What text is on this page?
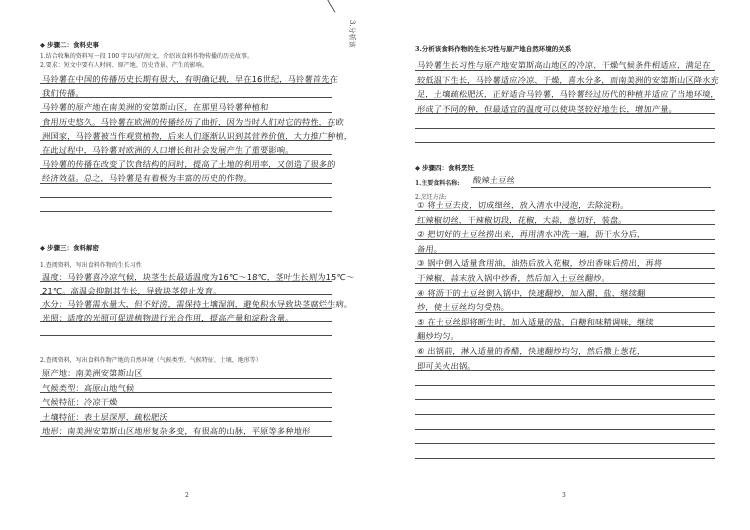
◆ 步骤二：食料史事
1.结合收集的资料写一段 100 字以内的短文，介绍该食料作物传播的历史故事。
2.要求：短文中要有人时间、原产地、历史背景、产生的影响。
马铃薯在中国的传播历史长期有很大，有明确记载，早在16世纪，马铃薯首先在
我们传播。
马铃薯的原产地在南美洲的安第斯山区，在那里马铃薯种植和
食用历史悠久。马铃薯在欧洲的传播经历了曲折，因为当时人们对它的特性，在欧
洲国家，马铃薯被当作观赏植物，后来人们逐渐认识到其营养价值，大力推广种植，
在此过程中，马铃薯对欧洲的人口增长和社会发展产生了重要影响。
马铃薯的传播在改变了饮食结构的同时，提高了土地的利用率，又创造了很多的
经济效益。总之，马铃薯是有着极为丰富的历史的作物。
◆ 步骤三：食料解密
1.查阅资料，写出食料作物的生长习性
温度：马铃薯喜冷凉气候，块茎生长最适温度为16℃～18℃，茎叶生长则为15℃～
21℃。高温会抑制其生长，导致块茎停止发育。
水分：马铃薯需水量大，但不好涝，需保持土壤湿润，避免积水导致块茎腐烂生病。
光照：适度的光照可促进植物进行光合作用，提高产量和淀粉含量。
2.查阅资料，写出食料作物产地的自然环境（气候类型、气候特征、土壤、地形等）
原产地：南美洲安第斯山区
气候类型：高原山地气候
气候特征：冷凉干燥
土壤特征：表土层深厚，疏松肥沃
地形：南美洲安第斯山区地形复杂多变，有很高的山脉，平原等多种地形
2
3.分析该
3.分析该食料作物的生长习性与原产地自然环境的关系
马铃薯生长习性与原产地安第斯高山地区的冷凉、干燥气候条件相适应，满足在
较低温下生长，马铃薯适应冷凉、干燥，喜水分多，而南美洲的安第斯山区降水充
足，土壤疏松肥沃，正好适合马铃薯，马铃薯经过历代的种植并适应了当地环境，
形成了不同的种，但最适宜的温度可以使块茎较好地生长，增加产量。
◆ 步骤四：食料烹饪
1.主要食料名称: 酸辣土豆丝
2.烹饪方法:
① 将土豆去皮，切成细丝，放入清水中浸泡，去除淀粉。
红辣椒切丝，干辣椒切段，花椒，大蒜，葱切好，装盘。
② 把切好的土豆丝捞出来，再用清水冲洗一遍，沥干水分后，
备用。
③ 锅中倒入适量食用油，油热后放入花椒，炒出香味后捞出，再将
干辣椒、蒜末放入锅中炒香，然后加入土豆丝翻炒。
④ 将沥干的土豆丝倒入锅中，快速翻炒，加入醋，盐，继续翻
炒，使土豆丝均匀受热。
⑤ 在土豆丝即将断生时，加入适量的盐、白糖和味精调味，继续
翻炒均匀。
⑥ 出锅前，淋入适量的香醋，快速翻炒均匀，然后撒上葱花，
即可关火出锅。
3
